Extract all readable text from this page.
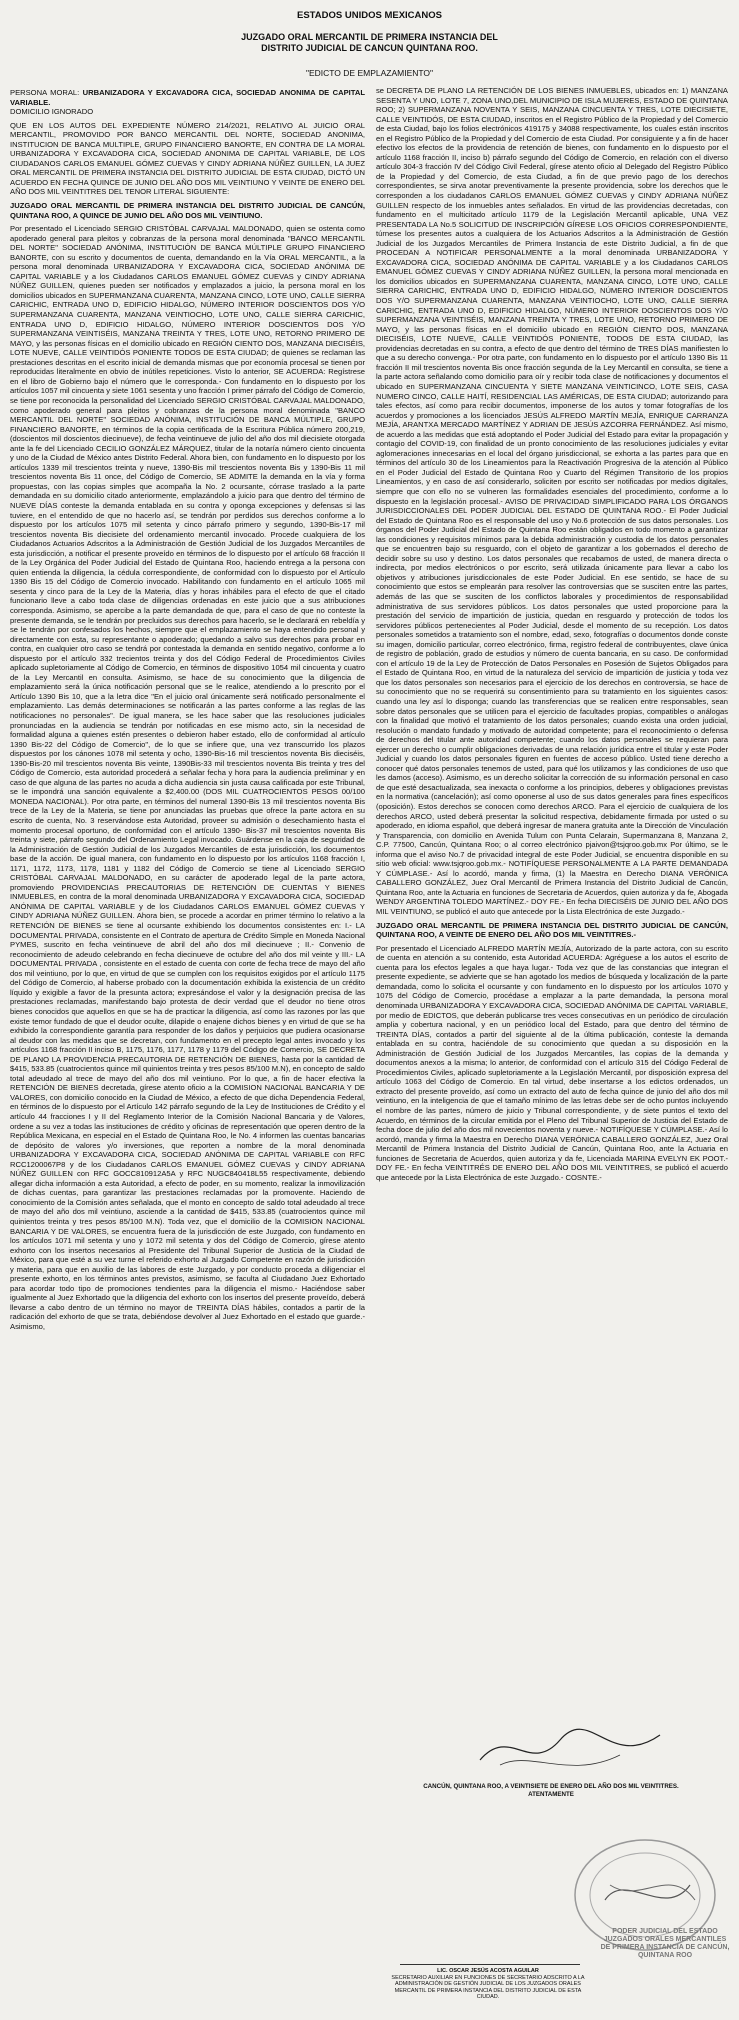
ESTADOS UNIDOS MEXICANOS
JUZGADO ORAL MERCANTIL DE PRIMERA INSTANCIA DEL DISTRITO JUDICIAL DE CANCUN QUINTANA ROO.
"EDICTO DE EMPLAZAMIENTO"

PERSONA MORAL: URBANIZADORA Y EXCAVADORA CICA, SOCIEDAD ANONIMA DE CAPITAL VARIABLE.
DOMICILIO IGNORADO

QUE EN LOS AUTOS DEL EXPEDIENTE NÚMERO 214/2021, RELATIVO AL JUICIO ORAL MERCANTIL, PROMOVIDO POR BANCO MERCANTIL DEL NORTE, SOCIEDAD ANONIMA, INSTITUCION DE BANCA MULTIPLE, GRUPO FINANCIERO BANORTE, EN CONTRA DE LA MORAL URBANIZADORA Y EXCAVADORA CICA, SOCIEDAD ANONIMA DE CAPITAL VARIABLE, DE LOS CIUDADANOS CARLOS EMANUEL GÓMEZ CUEVAS Y CINDY ADRIANA NÚÑEZ GUILLEN, LA JUEZ ORAL MERCANTIL DE PRIMERA INSTANCIA DEL DISTRITO JUDICIAL DE ESTA CIUDAD, DICTÓ UN ACUERDO EN FECHA QUINCE DE JUNIO DEL AÑO DOS MIL VEINTIUNO Y VEINTE DE ENERO DEL AÑO DOS MIL VEINTITRES DEL TENOR LITERAL SIGUIENTE:

JUZGADO ORAL MERCANTIL DE PRIMERA INSTANCIA DEL DISTRITO JUDICIAL DE CANCÚN, QUINTANA ROO, A QUINCE DE JUNIO DEL AÑO DOS MIL VEINTIUNO.

Por presentado el Licenciado SERGIO CRISTÓBAL CARVAJAL MALDONADO, quien se ostenta como apoderado general para pleitos y cobranzas de la persona moral denominada "BANCO MERCANTIL DEL NORTE" SOCIEDAD ANÓNIMA, INSTITUCIÓN DE BANCA MÚLTIPLE GRUPO FINANCIERO BANORTE, con su escrito y documentos de cuenta, demandando en la Vía ORAL MERCANTIL, a la persona moral denominada URBANIZADORA Y EXCAVADORA CICA, SOCIEDAD ANÓNIMA DE CAPITAL VARIABLE y a los Ciudadanos CARLOS EMANUEL GÓMEZ CUEVAS y CINDY ADRIANA NÚÑEZ GUILLEN, quienes pueden ser notificados y emplazados a juicio, la persona moral en los domicilios ubicados en SUPERMANZANA CUARENTA, MANZANA CINCO, LOTE UNO, CALLE SIERRA CARICHIC, ENTRADA UNO D, EDIFICIO HIDALGO, NÚMERO INTERIOR DOSCIENTOS DOS Y/O SUPERMANZANA CUARENTA, MANZANA VEINTIOCHO, LOTE UNO, CALLE SIERRA CARICHIC, ENTRADA UNO D, EDIFICIO HIDALGO, NÚMERO INTERIOR DOSCIENTOS DOS Y/O SUPERMANZANA VEINTISÉIS, MANZANA TREINTA Y TRES, LOTE UNO, RETORNO PRIMERO DE MAYO, y las personas físicas en el domicilio ubicado en REGIÓN CIENTO DOS, MANZANA DIECISÉIS, LOTE NUEVE, CALLE VEINTIDÓS PONIENTE TODOS DE ESTA CIUDAD; de quienes se reclaman las prestaciones descritas en el escrito inicial de demanda mismas que por economía procesal se tienen por reproducidas literalmente en obvio de inútiles repeticiones. Visto lo anterior, SE ACUERDA: Regístrese en el libro de Gobierno bajo el número que le corresponda.- Con fundamento en lo dispuesto por los artículos 1057 mil cincuenta y siete 1061 sesenta y uno fracción I primer párrafo del Código de Comercio, se tiene por reconocida la personalidad del Licenciado SERGIO CRISTÓBAL CARVAJAL MALDONADO, como apoderado general para pleitos y cobranzas de la persona moral denominada "BANCO MERCANTIL DEL NORTE" SOCIEDAD ANÓNIMA, INSTITUCIÓN DE BANCA MÚLTIPLE, GRUPO FINANCIERO BANORTE, en términos de la copia certificada de la Escritura Pública número 200,219, (doscientos mil doscientos diecinueve), de fecha veintinueve de julio del año dos mil diecisiete otorgada ante la fe del Licenciado CECILIO GONZÁLEZ MÁRQUEZ, titular de la notaría número ciento cincuenta y uno de la Ciudad de México antes Distrito Federal. Ahora bien, con fundamento en lo dispuesto por los artículos 1339 mil trescientos treinta y nueve, 1390-Bis mil trescientos noventa Bis y 1390-Bis 11 mil trescientos noventa Bis 11 once, del Código de Comercio, SE ADMITE la demanda en la vía y forma propuestas, con las copias simples que acompaña la No. 2 ocursante, córrase traslado a la parte demandada en su domicilio citado anteriormente, emplazándolo a juicio para que dentro del término de NUEVE DÍAS conteste la demanda entablada en su contra y oponga excepciones y defensas si las tuviere, en el entendido de que no hacerlo así, se tendrán por perdidos sus derechos conforme a lo dispuesto por los artículos 1075 mil setenta y cinco párrafo primero y segundo, 1390-Bis-17 mil trescientos noventa Bis diecisiete del ordenamiento mercantil invocado. Procede cualquiera de los Ciudadanos Actuarios Adscritos a la Administración de Gestión Judicial de los Juzgados Mercantiles de esta jurisdicción, a notificar el presente proveído en términos de lo dispuesto por el artículo 68 fracción II de la Ley Orgánica del Poder Judicial del Estado de Quintana Roo, haciendo entrega a la persona con quien entienda la diligencia, la cédula correspondiente, de conformidad con lo dispuesto por el Artículo 1390 Bis 15 del Código de Comercio invocado. Habilitando con fundamento en el artículo 1065 mil sesenta y cinco para de la Ley de la Materia, días y horas inhábiles para el efecto de que el citado funcionario lleve a cabo toda clase de diligencias ordenadas en este juicio que a sus atribuciones corresponda. Asimismo, se apercibe a la parte demandada de que, para el caso de que no conteste la presente demanda, se le tendrán por precluidos sus derechos para hacerlo, se le declarará en rebeldía y se le tendrán por confesados los hechos, siempre que el emplazamiento se haya entendido personal y directamente con esta, su representante o apoderado; quedando a salvo sus derechos para probar en contra, en cualquier otro caso se tendrá por contestada la demanda en sentido negativo, conforme a lo dispuesto por el artículo 332 trecientos treinta y dos del Código Federal de Procedimientos Civiles aplicado supletoriamente al Código de Comercio, en términos de dispositivo 1054 mil cincuenta y cuatro de la Ley Mercantil en consulta. Asimismo, se hace de su conocimiento que la diligencia de emplazamiento será la única notificación personal que se le realice, atendiendo a lo prescrito por el Artículo 1390 Bis 10, que a la letra dice "En el juicio oral únicamente será notificado personalmente el emplazamiento. Las demás determinaciones se notificarán a las partes conforme a las reglas de las notificaciones no personales". De igual manera, se les hace saber que las resoluciones judiciales pronunciadas en la audiencia se tendrán por notificadas en ese mismo acto, sin la necesidad de formalidad alguna a quienes estén presentes o debieron haber estado, ello de conformidad al artículo 1390 Bis-22 del Código de Comercio", de lo que se infiere que, una vez transcurrido los plazos dispuestos por los cánones 1078 mil setenta y ocho, 1390-Bis-16 mil trescientos noventa Bis dieciséis, 1390-Bis-20 mil trescientos noventa Bis veinte, 1390Bis-33 mil trescientos noventa Bis treinta y tres del Código de Comercio, esta autoridad procederá a señalar fecha y hora para la audiencia preliminar y en caso de que alguna de las partes no acuda a dicha audiencia sin justa causa calificada por este Tribunal, se le impondrá una sanción equivalente a $2,400.00 (DOS MIL CUATROCIENTOS PESOS 00/100 MONEDA NACIONAL). Por otra parte, en términos del numeral 1390-Bis 13 mil trescientos noventa Bis trece de la Ley de la Materia, se tiene por anunciadas las pruebas que ofrece la parte actora en su escrito de cuenta, No. 3 reservándose esta Autoridad, proveer su admisión o desechamiento hasta el momento procesal oportuno, de conformidad con el artículo 1390- Bis-37 mil trescientos noventa Bis treinta y siete, párrafo segundo del Ordenamiento Legal invocado. Guárdense en la caja de seguridad de la Administración de Gestión Judicial de los Juzgados Mercantiles de esta jurisdicción, los documentos base de la acción. De igual manera, con fundamento en lo dispuesto por los artículos 1168 fracción I, 1171, 1172, 1173, 1178, 1181 y 1182 del Código de Comercio se tiene al Licenciado SERGIO CRISTÓBAL CARVAJAL MALDONADO, en su carácter de apoderado legal de la parte actora, promoviendo PROVIDENCIAS PRECAUTORIAS DE RETENCIÓN DE CUENTAS Y BIENES INMUEBLES, en contra de la moral denominada URBANIZADORA Y EXCAVADORA CICA, SOCIEDAD ANÓNIMA DE CAPITAL VARIABLE y de los Ciudadanos CARLOS EMANUEL GÓMEZ CUEVAS Y CINDY ADRIANA NÚÑEZ GUILLEN. Ahora bien, se procede a acordar en primer término lo relativo a la RETENCIÓN DE BIENES se tiene al ocursante exhibiendo los documentos consistentes en: I.- LA DOCUMENTAL PRIVADA, consistente en el Contrato de apertura de Crédito Simple en Moneda Nacional PYMES, suscrito en fecha veintinueve de abril del año dos mil diecinueve ; II.- Convenio de reconocimiento de adeudo celebrando en fecha diecinueve de octubre del año dos mil veinte y III.- LA DOCUMENTAL PRIVADA , consistente en el estado de cuenta con corte de fecha trece de mayo del año dos mil veintiuno, por lo que, en virtud de que se cumplen con los requisitos exigidos por el artículo 1175 del Código de Comercio, al haberse probado con la documentación exhibida la existencia de un crédito líquido y exigible a favor de la presunta actora; expresándose el valor y la designación precisa de las prestaciones reclamadas, manifestando bajo protesta de decir verdad que el deudor no tiene otros bienes conocidos que aquellos en que se ha de practicar la diligencia, así como las razones por las que existe temor fundado de que el deudor oculte, dilapide o enajene dichos bienes y en virtud de que se ha exhibido la correspondiente garantía para responder de los daños y perjuicios que pudiera ocasionarse al deudor con las medidas que se decretan, con fundamento en el precepto legal antes invocado y los artículos 1168 fracción II inciso B, 1175, 1176, 1177, 1178 y 1179 del Código de Comercio, SE DECRETA DE PLANO LA PROVIDENCIA PRECAUTORIA DE RETENCIÓN DE BIENES, hasta por la cantidad de $415, 533.85 (cuatrocientos quince mil quinientos treinta y tres pesos 85/100 M.N), en concepto de saldo total adeudado al trece de mayo del año dos mil veintiuno. Por lo que, a fin de hacer efectiva la RETENCIÓN DE BIENES decretada, gírese atento oficio a la COMISION NACIONAL BANCARIA Y DE VALORES, con domicilio conocido en la Ciudad de México, a efecto de que dicha Dependencia Federal, en términos de lo dispuesto por el Artículo 142 párrafo segundo de la Ley de Instituciones de Crédito y el artículo 44 fracciones I y II del Reglamento Interior de la Comisión Nacional Bancaria y de Valores, ordene a su vez a todas las instituciones de crédito y oficinas de representación que operen dentro de la República Mexicana, en especial en el Estado de Quintana Roo, le No. 4 informen las cuentas bancarias de depósito de valores y/o inversiones, que reporten a nombre de la moral denominada URBANIZADORA Y EXCAVADORA CICA, SOCIEDAD ANÓNIMA DE CAPITAL VARIABLE con RFC RCC1200067P8 y de los Ciudadanos CARLOS EMANUEL GÓMEZ CUEVAS y CINDY ADRIANA NÚÑEZ GUILLEN con RFC GOCC810912A5A y RFC NUGC840418L55 respectivamente, debiendo allegar dicha información a esta Autoridad, a efecto de poder, en su momento, realizar la inmovilización de dichas cuentas, para garantizar las prestaciones reclamadas por la promovente. Haciendo de conocimiento de la Comisión antes señalada, que el monto en concepto de saldo total adeudado al trece de mayo del año dos mil veintiuno, asciende a la cantidad de $415, 533.85 (cuatrocientos quince mil quinientos treinta y tres pesos 85/100 M.N). Toda vez, que el domicilio de la COMISION NACIONAL BANCARIA Y DE VALORES, se encuentra fuera de la jurisdicción de este Juzgado, con fundamento en los artículos 1071 mil setenta y uno y 1072 mil setenta y dos del Código de Comercio, gírese atento exhorto con los insertos necesarios al Presidente del Tribunal Superior de Justicia de la Ciudad de México, para que esté a su vez turne el referido exhorto al Juzgado Competente en razón de jurisdicción y materia, para que en auxilio de las labores de este Juzgado, y por conducto proceda a diligenciar el presente exhorto, en los términos antes previstos, asimismo, se faculta al Ciudadano Juez Exhortado para acordar todo tipo de promociones tendientes para la diligencia el mismo.- Haciéndose saber igualmente al Juez Exhortado que la diligencia del exhorto con los insertos del presente proveído, deberá llevarse a cabo dentro de un término no mayor de TREINTA DÍAS hábiles, contados a partir de la radicación del exhorto de que se trata, debiéndose devolver al Juez Exhortado en el estado que guarde.- Asimismo,

se DECRETA DE PLANO LA RETENCIÓN DE LOS BIENES INMUEBLES, ubicados en: 1) MANZANA SESENTA Y UNO, LOTE 7, ZONA UNO,DEL MUNICIPIO DE ISLA MUJERES, ESTADO DE QUINTANA ROO; 2) SUPERMANZANA NOVENTA Y SEIS, MANZANA CINCUENTA Y TRES, LOTE DIECISIETE, CALLE VEINTIDÓS, DE ESTA CIUDAD, inscritos en el Registro Público de la Propiedad y del Comercio de esta Ciudad, bajo los folios electrónicos 419175 y 34088 respectivamente, los cuales están inscritos en el Registro Público de la Propiedad y del Comercio de esta Ciudad. Por consiguiente y a fin de hacer efectivo los efectos de la providencia de retención de bienes, con fundamento en lo dispuesto por el artículo 1168 fracción II, inciso b) párrafo segundo del Código de Comercio, en relación con el diverso artículo 304-3 fracción IV del Código Civil Federal, gírese atento oficio al Delegado del Registro Público de la Propiedad y del Comercio, de esta Ciudad, a fin de que previo pago de los derechos correspondientes, se sirva anotar preventivamente la presente providencia, sobre los derechos que le corresponden a los ciudadanos CARLOS EMANUEL GÓMEZ CUEVAS y CINDY ADRIANA NÚÑEZ GUILLEN respecto de los inmuebles antes señalados. En virtud de las providencias decretadas, con fundamento en el multicitado artículo 1179 de la Legislación Mercantil aplicable, UNA VEZ PRESENTADA LA No.5 SOLICITUD DE INSCRIPCIÓN GÍRESE LOS OFICIOS CORRESPONDIENTE, túrnese los presentes autos a cualquiera de los Actuarios Adscritos a la Administración de Gestión Judicial de los Juzgados Mercantiles de Primera Instancia de este Distrito Judicial, a fin de que PROCEDAN A NOTIFICAR PERSONALMENTE a la moral denominada URBANIZADORA Y EXCAVADORA CICA, SOCIEDAD ANÓNIMA DE CAPITAL VARIABLE y a los Ciudadanos CARLOS EMANUEL GÓMEZ CUEVAS Y CINDY ADRIANA NÚÑEZ GUILLEN, la persona moral mencionada en los domicilios ubicados en SUPERMANZANA CUARENTA, MANZANA CINCO, LOTE UNO, CALLE SIERRA CARICHIC, ENTRADA UNO D, EDIFICIO HIDALGO, NÚMERO INTERIOR DOSCIENTOS DOS Y/O SUPERMANZANA CUARENTA, MANZANA VEINTIOCHO, LOTE UNO, CALLE SIERRA CARICHIC, ENTRADA UNO D, EDIFICIO HIDALGO, NÚMERO INTERIOR DOSCIENTOS DOS Y/O SUPERMANZANA VEINTISÉIS, MANZANA TREINTA Y TRES, LOTE UNO, RETORNO PRIMERO DE MAYO, y las personas físicas en el domicilio ubicado en REGIÓN CIENTO DOS, MANZANA DIECISÉIS, LOTE NUEVE, CALLE VEINTIDÓS PONIENTE, TODOS DE ESTA CIUDAD, las providencias decretadas en su contra, a efecto de que dentro del término de TRES DÍAS manifiesten lo que a su derecho convenga.- Por otra parte, con fundamento en lo dispuesto por el artículo 1390 Bis 11 fracción II mil trescientos noventa Bis once fracción segunda de la Ley Mercantil en consulta, se tiene a la parte actora señalando como domicilio para oír y recibir toda clase de notificaciones y documentos el ubicado en SUPERMANZANA CINCUENTA Y SIETE MANZANA VEINTICINCO, LOTE SEIS, CASA NUMERO CINCO, CALLE HAITÍ, RESIDENCIAL LAS AMÉRICAS, DE ESTA CIUDAD; autorizando para tales efectos, así como para recibir documentos, imponerse de los autos y tomar fotografías de los acuerdos y promociones a los licenciados JESÚS ALFREDO MARTÍN MEJÍA, ENRIQUE CARRANZA MEJÍA, ARANTXA MERCADO MARTÍNEZ Y ADRIAN DE JESÚS AZCORRA FERNÁNDEZ. Así mismo, de acuerdo a las medidas que está adoptando el Poder Judicial del Estado para evitar la propagación y contagio del COVID-19, con finalidad de un pronto conocimiento de las resoluciones judiciales y evitar aglomeraciones innecesarias en el local del órgano jurisdiccional, se exhorta a las partes para que en términos del artículo 30 de los Lineamientos para la Reactivación Progresiva de la atención al Público en el Poder Judicial del Estado de Quintana Roo y Cuarto del Régimen Transitorio de los propios Lineamientos, y en caso de así considerarlo, soliciten por escrito ser notificadas por medios digitales, siempre que con ello no se vulneren las formalidades esenciales del procedimiento, conforme a lo dispuesto en la legislación procesal.- AVISO DE PRIVACIDAD SIMPLIFICADO PARA LOS ÓRGANOS JURISDICCIONALES DEL PODER JUDICIAL DEL ESTADO DE QUINTANA ROO.- El Poder Judicial del Estado de Quintana Roo es el responsable del uso y No.6 protección de sus datos personales. Los órganos del Poder Judicial del Estado de Quintana Roo están obligados en todo momento a garantizar las condiciones y requisitos mínimos para la debida administración y custodia de los datos personales que se encuentren bajo su resguardo, con el objeto de garantizar a los gobernados el derecho de decidir sobre su uso y destino. Los datos personales que recabamos de usted, de manera directa o indirecta, por medios electrónicos o por escrito, será utilizada únicamente para llevar a cabo los objetivos y atribuciones jurisdiccionales de este Poder Judicial. En ese sentido, se hace de su conocimiento que estos se emplearán para resolver las controversias que se susciten entre las partes, además de las que se susciten de los conflictos laborales y procedimientos de responsabilidad administrativa de sus servidores públicos. Los datos personales que usted proporcione para la prestación del servicio de impartición de justicia, quedan en resguardo y protección de todos los servidores públicos pertenecientes al Poder Judicial, desde el momento de su recepción. Los datos personales sometidos a tratamiento son el nombre, edad, sexo, fotografías o documentos donde conste su imagen, domicilio particular, correo electrónico, firma, registro federal de contribuyentes, clave única de registro de población, grado de estudios y número de cuenta bancaria, en su caso. De conformidad con el artículo 19 de la Ley de Protección de Datos Personales en Posesión de Sujetos Obligados para el Estado de Quintana Roo, en virtud de la naturaleza del servicio de impartición de justicia y toda vez que los datos personales son necesarios para el ejercicio de los derechos en controversia, se hace de su conocimiento que no se requerirá su consentimiento para su tratamiento en los siguientes casos: cuando una ley así lo disponga; cuando las transferencias que se realicen entre responsables, sean sobre datos personales que se utilicen para el ejercicio de facultades propias, compatibles o análogas con la finalidad que motivó el tratamiento de los datos personales; cuando exista una orden judicial, resolución o mandato fundado y motivado de autoridad competente; para el reconocimiento o defensa de derechos del titular ante autoridad competente; cuando los datos personales se requieran para ejercer un derecho o cumplir obligaciones derivadas de una relación jurídica entre el titular y este Poder Judicial y cuando los datos personales figuren en fuentes de acceso público. Usted tiene derecho a conocer qué datos personales tenemos de usted, para qué los utilizamos y las condiciones de uso que les damos (acceso). Asimismo, es un derecho solicitar la corrección de su información personal en caso de que esté desactualizada, sea inexacta o conforme a los principios, deberes y obligaciones previstas en la normativa (cancelación); así como oponerse al uso de sus datos generales para fines específicos (oposición). Estos derechos se conocen como derechos ARCO. Para el ejercicio de cualquiera de los derechos ARCO, usted deberá presentar la solicitud respectiva, debidamente firmada por usted o su apoderado, en idioma español, que deberá ingresar de manera gratuita ante la Dirección de Vinculación y Transparencia, con domicilio en Avenida Tulum con Punta Celarain, Supermanzana 8, Manzana 2, C.P. 77500, Cancún, Quintana Roo; o al correo electrónico pjaivon@tsjqroo.gob.mx Por último, se le informa que el aviso No.7 de privacidad integral de este Poder Judicial, se encuentra disponible en su sitio web oficial: www.tsjqroo.gob.mx.- NOTIFÍQUESE PERSONALMENTE A LA PARTE DEMANDADA Y CÚMPLASE.- Así lo acordó, manda y firma, (1) la Maestra en Derecho DIANA VERÓNICA CABALLERO GONZÁLEZ, Juez Oral Mercantil de Primera Instancia del Distrito Judicial de Cancún, Quintana Roo, ante la Actuaria en funciones de Secretaria de Acuerdos, quien autoriza y da fe, Abogada WENDY ARGENTINA TOLEDO MARTÍNEZ.- DOY FE.- En fecha DIECISÉIS DE JUNIO DEL AÑO DOS MIL VEINTIUNO, se publicó el auto que antecede por la Lista Electrónica de este Juzgado.-

JUZGADO ORAL MERCANTIL DE PRIMERA INSTANCIA DEL DISTRITO JUDICIAL DE CANCÚN, QUINTANA ROO, A VEINTE DE ENERO DEL AÑO DOS MIL VEINTITRES.-

Por presentado el Licenciado ALFREDO MARTÍN MEJÍA, Autorizado de la parte actora, con su escrito de cuenta en atención a su contenido, esta Autoridad ACUERDA: Agréguese a los autos el escrito de cuenta para los efectos legales a que haya lugar.- Toda vez que de las constancias que integran el presente expediente, se advierte que se han agotado los medios de búsqueda y localización de la parte demandada, como lo solicita el ocursante y con fundamento en lo dispuesto por los artículos 1070 y 1075 del Código de Comercio, procédase a emplazar a la parte demandada, la persona moral denominada URBANIZADORA Y EXCAVADORA CICA, SOCIEDAD ANÓNIMA DE CAPITAL VARIABLE, por medio de EDICTOS, que deberán publicarse tres veces consecutivas en un periódico de circulación amplia y cobertura nacional, y en un periódico local del Estado, para que dentro del término de TREINTA DÍAS, contados a partir del siguiente al de la última publicación, conteste la demanda entablada en su contra, haciéndole de su conocimiento que quedan a su disposición en la Administración de Gestión Judicial de los Juzgados Mercantiles, las copias de la demanda y documentos anexos a la misma; lo anterior, de conformidad con el artículo 315 del Código Federal de Procedimientos Civiles, aplicado supletoriamente a la Legislación Mercantil, por disposición expresa del artículo 1063 del Código de Comercio. En tal virtud, debe insertarse a los edictos ordenados, un extracto del presente proveído, así como un extracto del auto de fecha quince de junio del año dos mil veintiuno, en la inteligencia de que el tamaño mínimo de las letras debe ser de ocho puntos incluyendo el nombre de las partes, número de juicio y Tribunal correspondiente, y de siete puntos el texto del Acuerdo, en términos de la circular emitida por el Pleno del Tribunal Superior de Justicia del Estado de fecha doce de julio del año dos mil novecientos noventa y nueve.- NOTIFÍQUESE Y CÚMPLASE.- Así lo acordó, manda y firma la Maestra en Derecho DIANA VERÓNICA CABALLERO GONZÁLEZ, Juez Oral Mercantil de Primera Instancia del Distrito Judicial de Cancún, Quintana Roo, ante la Actuaria en funciones de Secretaria de Acuerdos, quien autoriza y da fe, Licenciada MARINA EVELYN EK POOT.- DOY FE.- En fecha VEINTITRÉS DE ENERO DEL AÑO DOS MIL VEINTITRES, se publicó el acuerdo que antecede por la Lista Electrónica de este Juzgado.- COSNTE.-

CANCÚN, QUINTANA ROO, A VEINTISIETE DE ENERO DEL AÑO DOS MIL VEINTITRES.
ATENTAMENTE
LIC. OSCAR JESÚS ACOSTA AGUILAR
SECRETARIO AUXILIAR EN FUNCIONES DE SECRETARIO ADSCRITO A LA ADMINISTRACIÓN DE GESTIÓN JUDICIAL DE LOS JUZGADOS ORALES MERCANTIL DE PRIMERA INSTANCIA DEL DISTRITO JUDICIAL DE ESTA CIUDAD.
PODER JUDICIAL DEL ESTADO JUZGADOS ORALES MERCANTILES DE PRIMERA INSTANCIA DE CANCÚN, QUINTANA ROO
